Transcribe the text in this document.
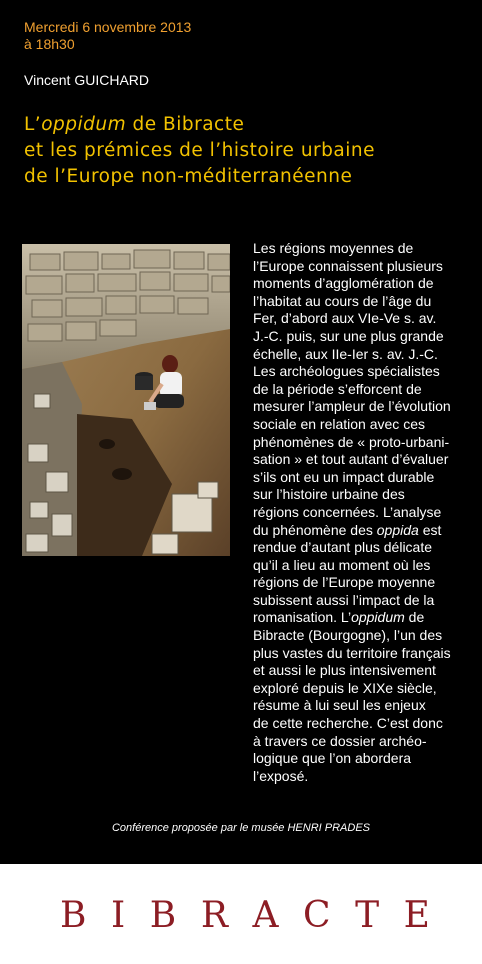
Mercredi 6 novembre 2013
à 18h30
Vincent GUICHARD
L’oppidum de Bibracte
et les prémices de l’histoire urbaine
de l’Europe non-méditerranéenne
Les régions moyennes de
l’Europe connaissent plusieurs
moments d’agglomération de
l’habitat au cours de l’âge du
Fer, d’abord aux VIe-Ve s. av.
J.-C. puis, sur une plus grande
échelle, aux IIe-Ier s. av. J.-C.
Les archéologues spécialistes
de la période s’efforcent de
mesurer l’ampleur de l’évolution
sociale en relation avec ces
phénomènes de « proto-urbani-
sation » et tout autant d’évaluer
s’ils ont eu un impact durable
sur l’histoire urbaine des
régions concernées. L’analyse
du phénomène des oppida est
rendue d’autant plus délicate
qu’il a lieu au moment où les
régions de l’Europe moyenne
subissent aussi l’impact de la
romanisation. L’oppidum de
Bibracte (Bourgogne), l’un des
plus vastes du territoire français
et aussi le plus intensivement
exploré depuis le XIXe siècle,
résume à lui seul les enjeux
de cette recherche. C’est donc
à travers ce dossier archéo-
logique que l’on abordera
l’exposé.
Conférence proposée par le musée HENRI PRADES
B I B R A C T E
